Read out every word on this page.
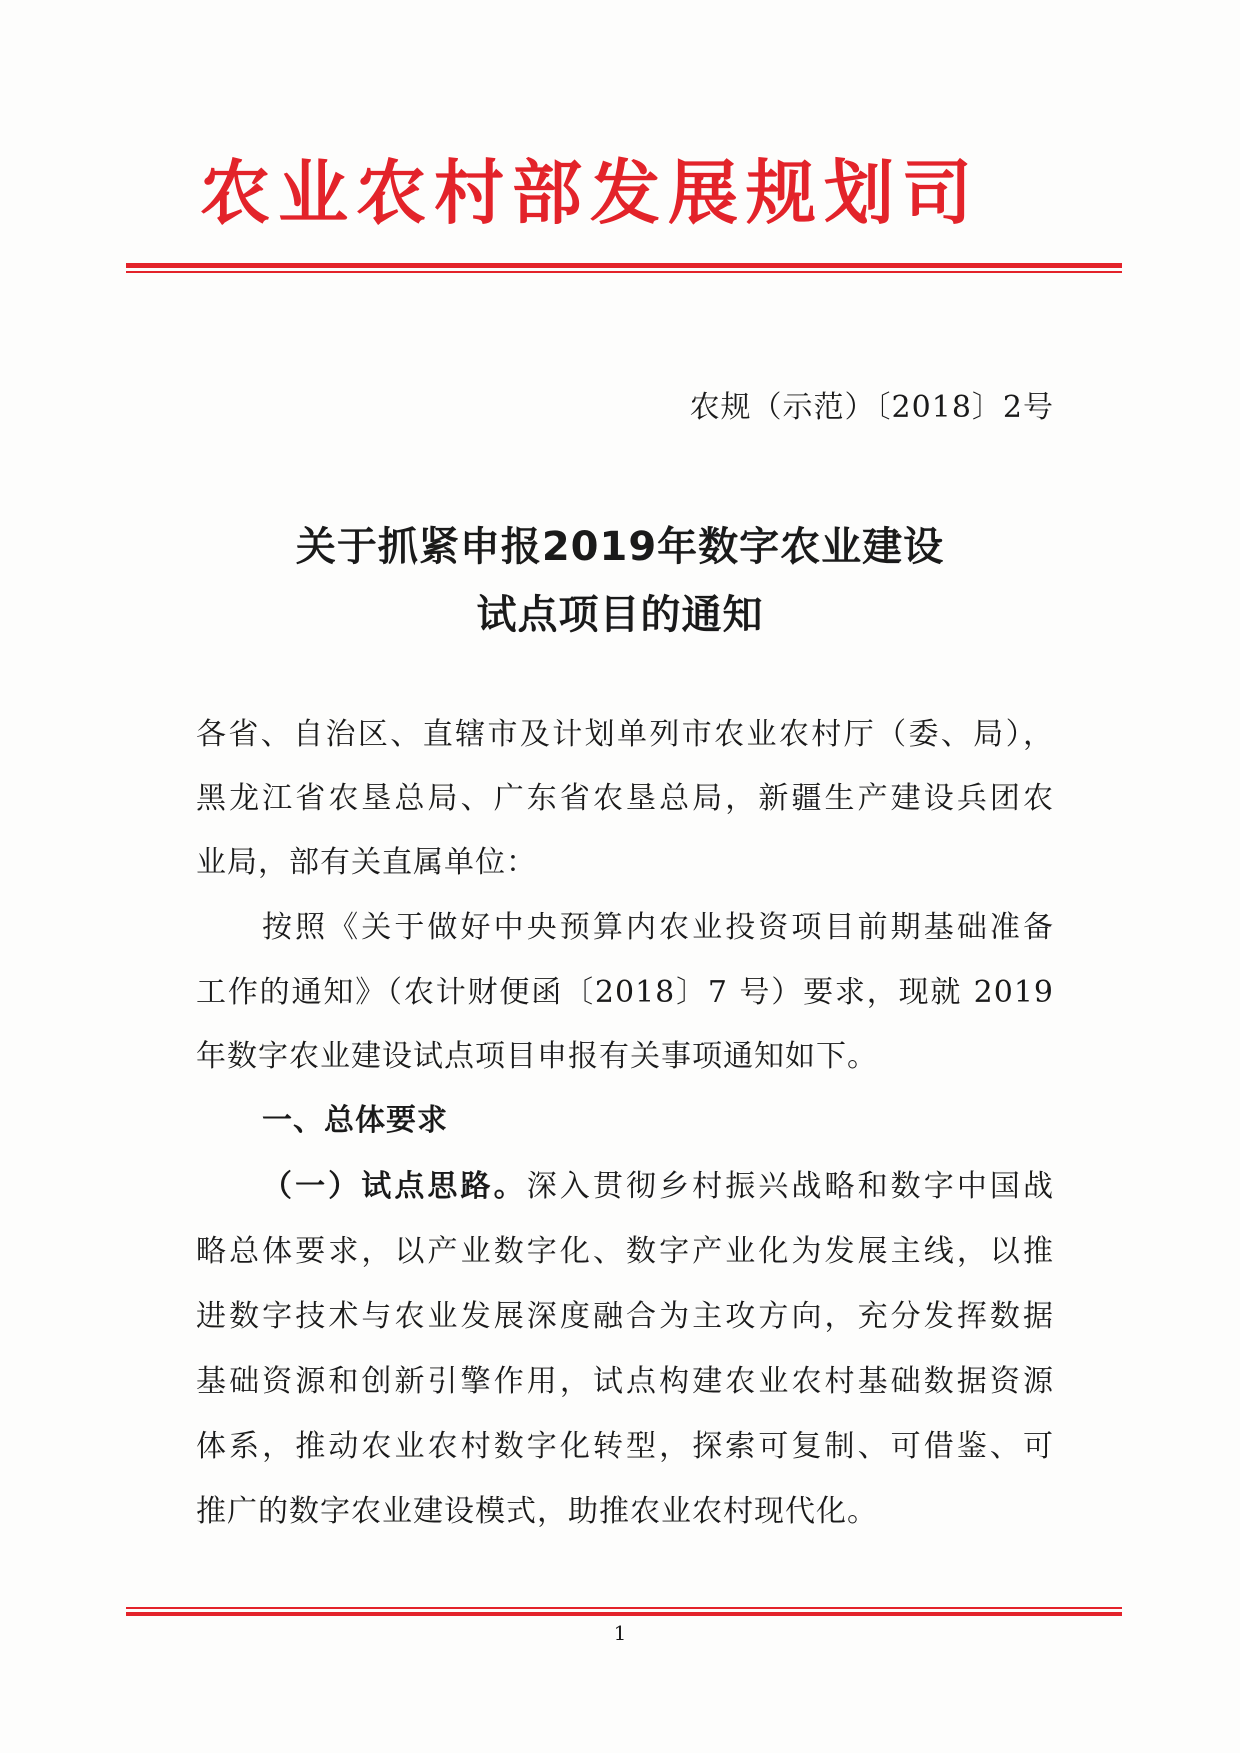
农业农村部发展规划司
农规（示范）〔2018〕2号
关于抓紧申报2019年数字农业建设
试点项目的通知
各省、自治区、直辖市及计划单列市农业农村厅（委、局），
黑龙江省农垦总局、广东省农垦总局，新疆生产建设兵团农
业局，部有关直属单位：
按照《关于做好中央预算内农业投资项目前期基础准备
工作的通知》（农计财便函〔2018〕7 号）要求，现就 2019
年数字农业建设试点项目申报有关事项通知如下。
一、总体要求
（一）试点思路。深入贯彻乡村振兴战略和数字中国战
略总体要求，以产业数字化、数字产业化为发展主线，以推
进数字技术与农业发展深度融合为主攻方向，充分发挥数据
基础资源和创新引擎作用，试点构建农业农村基础数据资源
体系，推动农业农村数字化转型，探索可复制、可借鉴、可
推广的数字农业建设模式，助推农业农村现代化。
1
